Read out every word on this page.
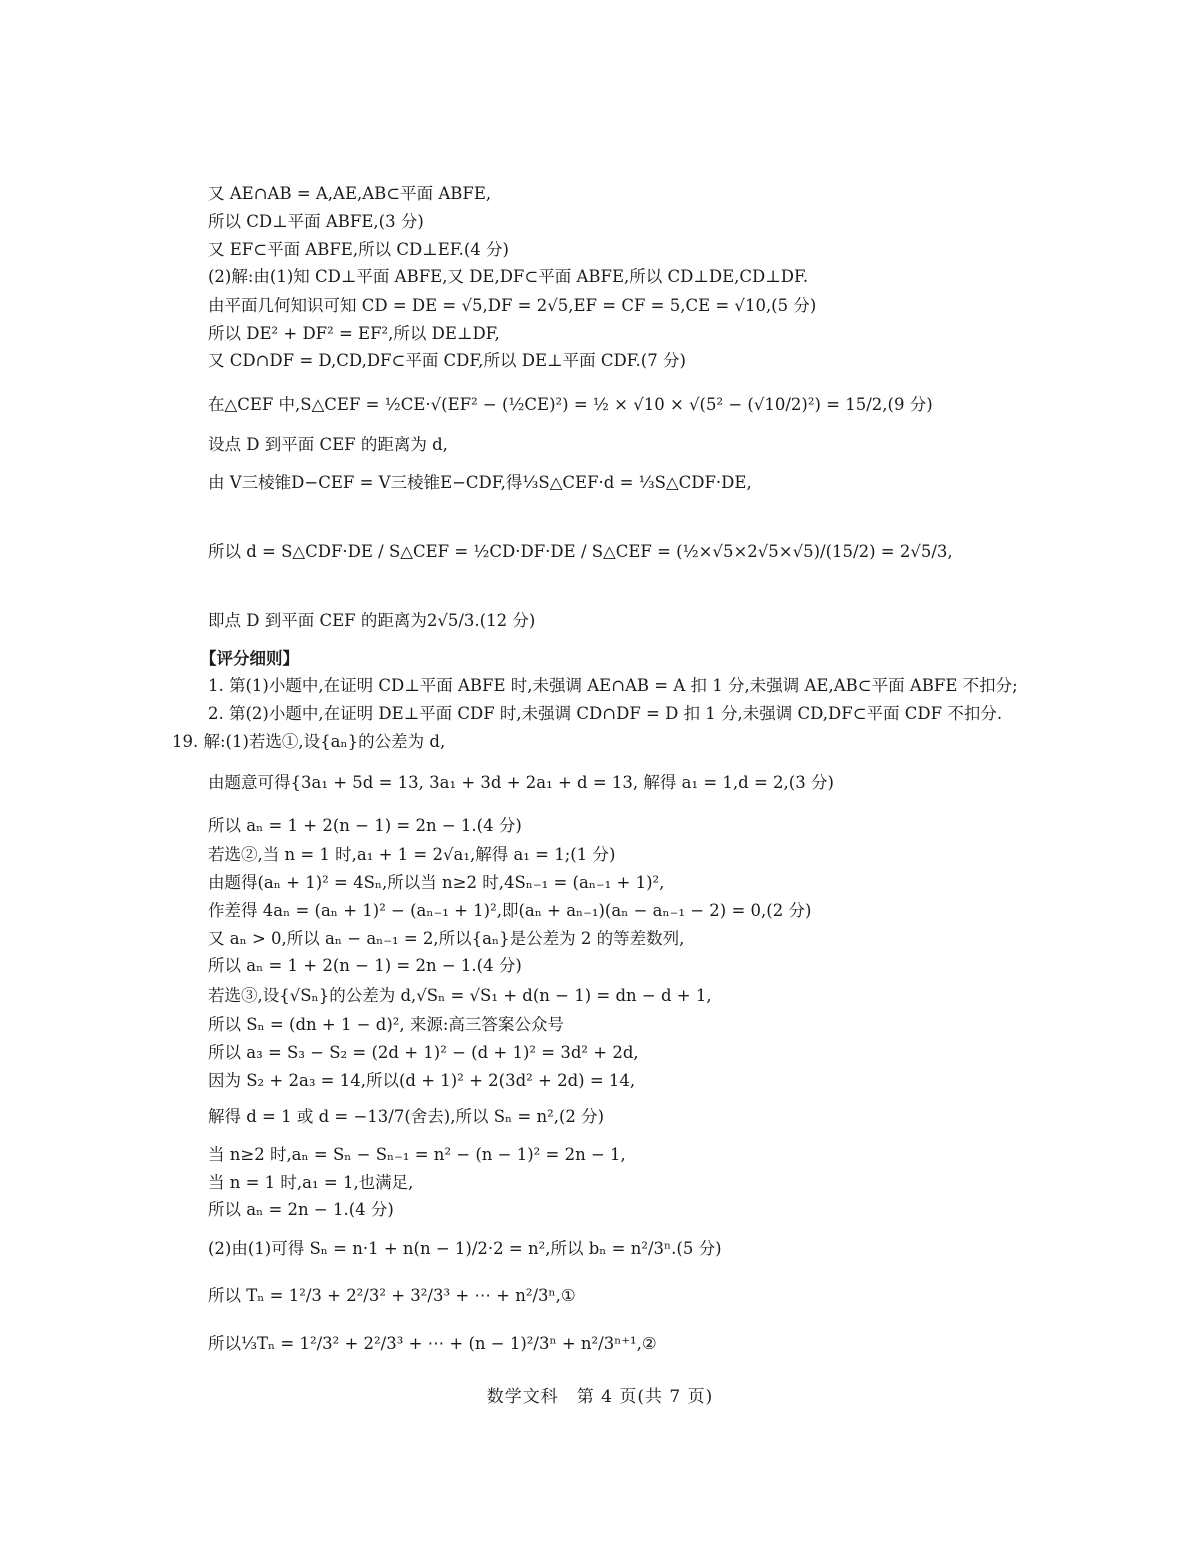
又 AE∩AB = A,AE,AB⊂平面 ABFE,
所以 CD⊥平面 ABFE,(3 分)
又 EF⊂平面 ABFE,所以 CD⊥EF.(4 分)
(2)解:由(1)知 CD⊥平面 ABFE,又 DE,DF⊂平面 ABFE,所以 CD⊥DE,CD⊥DF.
由平面几何知识可知 CD = DE = √5,DF = 2√5,EF = CF = 5,CE = √10,(5 分)
所以 DE² + DF² = EF²,所以 DE⊥DF,
又 CD∩DF = D,CD,DF⊂平面 CDF,所以 DE⊥平面 CDF.(7 分)
在△CEF 中,S△CEF = ½CE·√(EF² − (½CE)²) = ½ × √10 × √(5² − (√10/2)²) = 15/2,(9 分)
设点 D 到平面 CEF 的距离为 d,
由 V三棱锥D−CEF = V三棱锥E−CDF,得⅓S△CEF·d = ⅓S△CDF·DE,
所以 d = S△CDF·DE / S△CEF = ½CD·DF·DE / S△CEF = (½×√5×2√5×√5)/(15/2) = 2√5/3,
即点 D 到平面 CEF 的距离为2√5/3.(12 分)
【评分细则】
1. 第(1)小题中,在证明 CD⊥平面 ABFE 时,未强调 AE∩AB = A 扣 1 分,未强调 AE,AB⊂平面 ABFE 不扣分;
2. 第(2)小题中,在证明 DE⊥平面 CDF 时,未强调 CD∩DF = D 扣 1 分,未强调 CD,DF⊂平面 CDF 不扣分.
19. 解:(1)若选①,设{aₙ}的公差为 d,
由题意可得{3a₁ + 5d = 13, 3a₁ + 3d + 2a₁ + d = 13, 解得 a₁ = 1,d = 2,(3 分)
所以 aₙ = 1 + 2(n − 1) = 2n − 1.(4 分)
若选②,当 n = 1 时,a₁ + 1 = 2√a₁,解得 a₁ = 1;(1 分)
由题得(aₙ + 1)² = 4Sₙ,所以当 n≥2 时,4Sₙ₋₁ = (aₙ₋₁ + 1)²,
作差得 4aₙ = (aₙ + 1)² − (aₙ₋₁ + 1)²,即(aₙ + aₙ₋₁)(aₙ − aₙ₋₁ − 2) = 0,(2 分)
又 aₙ > 0,所以 aₙ − aₙ₋₁ = 2,所以{aₙ}是公差为 2 的等差数列,
所以 aₙ = 1 + 2(n − 1) = 2n − 1.(4 分)
若选③,设{√Sₙ}的公差为 d,√Sₙ = √S₁ + d(n − 1) = dn − d + 1,
所以 Sₙ = (dn + 1 − d)², 来源:高三答案公众号
所以 a₃ = S₃ − S₂ = (2d + 1)² − (d + 1)² = 3d² + 2d,
因为 S₂ + 2a₃ = 14,所以(d + 1)² + 2(3d² + 2d) = 14,
解得 d = 1 或 d = −13/7(舍去),所以 Sₙ = n²,(2 分)
当 n≥2 时,aₙ = Sₙ − Sₙ₋₁ = n² − (n − 1)² = 2n − 1,
当 n = 1 时,a₁ = 1,也满足,
所以 aₙ = 2n − 1.(4 分)
(2)由(1)可得 Sₙ = n·1 + n(n − 1)/2·2 = n²,所以 bₙ = n²/3ⁿ.(5 分)
所以 Tₙ = 1²/3 + 2²/3² + 3²/3³ + ⋯ + n²/3ⁿ,①
所以⅓Tₙ = 1²/3² + 2²/3³ + ⋯ + (n − 1)²/3ⁿ + n²/3ⁿ⁺¹,②
数学文科　第 4 页(共 7 页)
